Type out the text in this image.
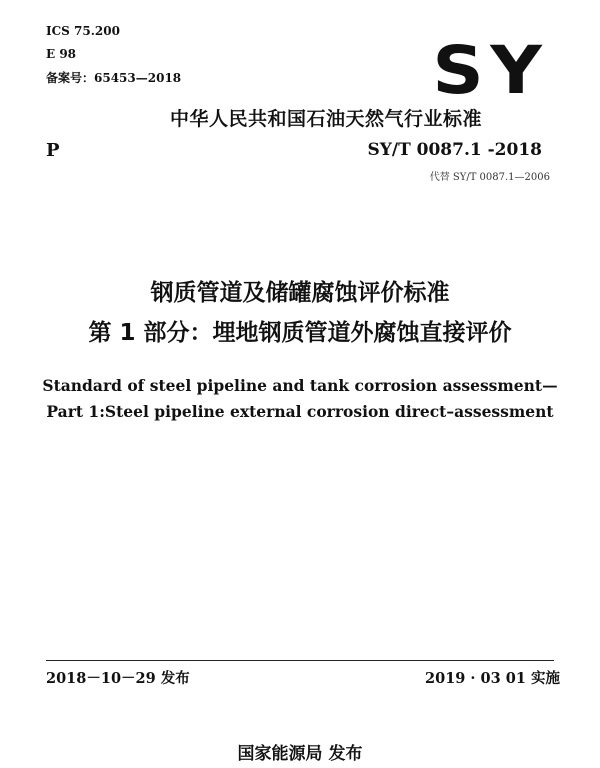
ICS 75.200
E 98
备案号：65453—2018	SY
中华人民共和国石油天然气行业标准
P	SY/T 0087.1 -2018
代替 SY/T 0087.1—2006
钢质管道及储罐腐蚀评价标准
第 1 部分：埋地钢质管道外腐蚀直接评价
Standard of steel pipeline and tank corrosion assessment—
Part 1:Steel pipeline external corrosion direct–assessment
2018－10－29 发布	2019 · 03 01 实施
国家能源局 发布
